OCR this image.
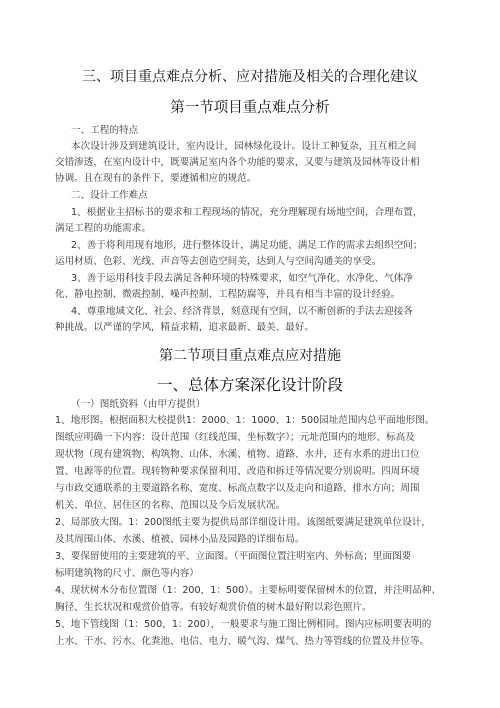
三、项目重点难点分析、应对措施及相关的合理化建议
第一节项目重点难点分析
一、工程的特点
本次设计涉及到建筑设计，室内设计，园林绿化设计。设计工种复杂，且互相之间
交错渗透，在室内设计中，既要满足室内各个功能的要求，又要与建筑及园林等设计相
协调。且在现有的条件下，要遵循相应的规范。
二、设计工作难点
1、根据业主招标书的要求和工程现场的情况，充分理解现有场地空间，合理布置，
满足工程的功能需求。
2、善于将利用现有地形，进行整体设计，满足功能、满足工作的需求去组织空间；
运用材质、色彩、光线、声音等去创造空间美，达到人与空间沟通美的享受。
3、善于运用科技手段去满足各种环境的特殊要求，如空气净化、水净化、气体净
化、静电控制、微震控制、噪声控制、工程防腐等，并具有相当丰富的设计经验。
4、尊重地域文化、社会、经济背景，刻意现有空间，以不断创新的手法去迎接各
种挑战。以严谨的学风，精益求精，追求最新、最美、最好。
第二节项目重点难点应对措施
一、总体方案深化设计阶段
（一）图纸资料（由甲方提供）
1、地形图。根据面积大校提供1：2000、1：1000、1：500园址范围内总平面地形图。
图纸应明确一下内容：设计范围（红线范围、坐标数字）；元址范围内的地形、标高及
现状物（现有建筑物、构筑物、山体、水溪、植物、道路、水井，还有水系的进出口位
置、电源等的位置。现转物种要求保留利用、改造和拆迁等情况要分别说明。四周环境
与市政交通联系的主要道路名称、宽度、标高点数字以及走向和道路、排水方向；周围
机关、单位、居住区的名称、范围以及今后发展状况。
2、局部放大图。1：200图纸主要为提供局部详细设计用。该图纸要满足建筑单位设计，
及其周围山体、水溪、植被、园林小品及园路的详细布局。
3、要保留使用的主要建筑的平、立面图。（平面图位置注明室内、外标高；里面图要
标明建筑物的尺寸、颜色等内容）
4、现状树木分布位置图（1：200，1：500）。主要标明要保留树木的位置，并注明品种、
胸径、生长状况和观赏价值等。有较好观赏价值的树木最好附以彩色照片。
5、地下管线图（1：500，1：200），一般要求与施工图比例相同。图内应标明要表明的
上水、干水、污水、化粪池、电信、电力、暖气沟、煤气、热力等管线的位置及井位等。
